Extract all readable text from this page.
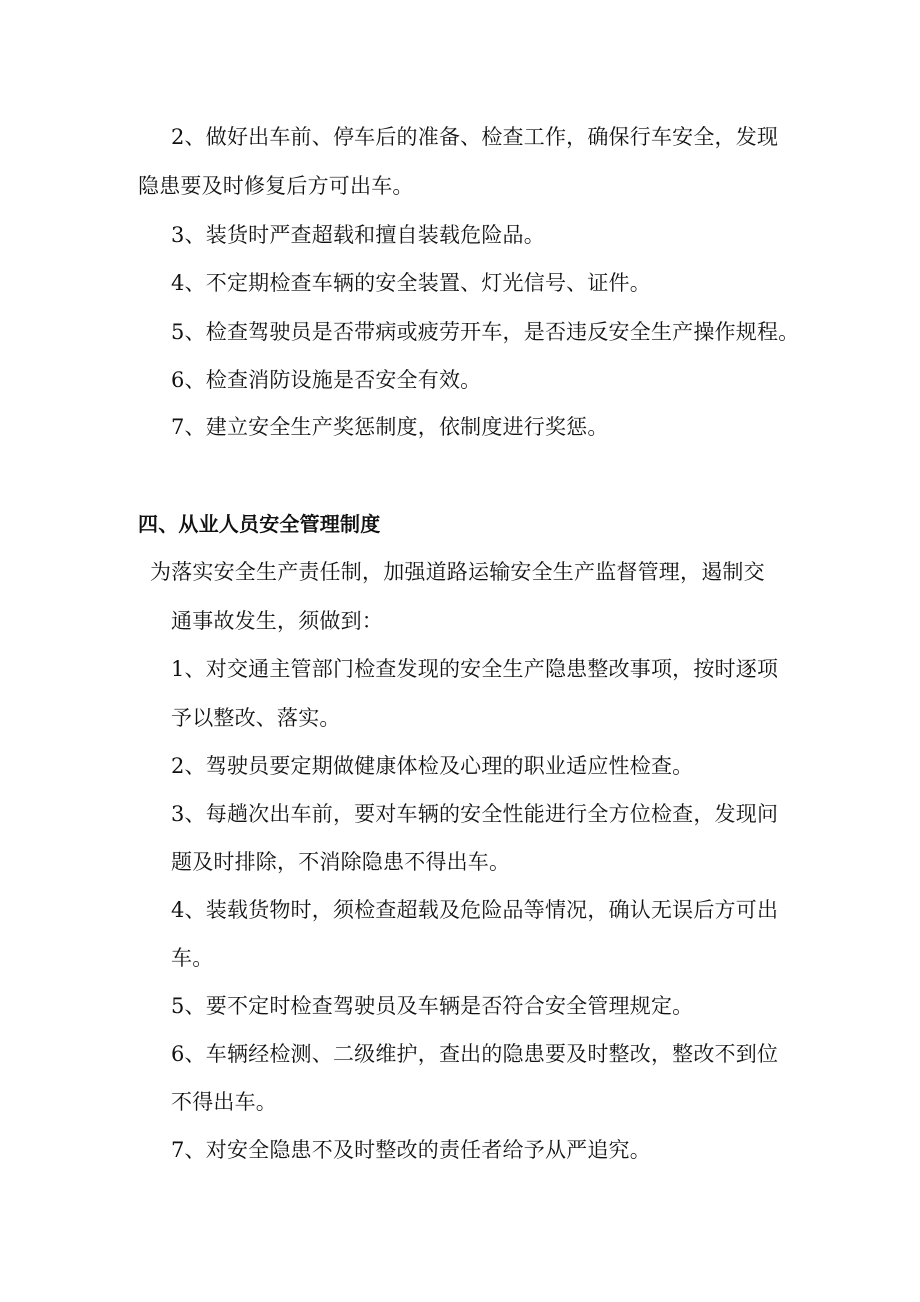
2、做好出车前、停车后的准备、检查工作，确保行车安全，发现
隐患要及时修复后方可出车。
3、装货时严查超载和擅自装载危险品。
4、不定期检查车辆的安全装置、灯光信号、证件。
5、检查驾驶员是否带病或疲劳开车，是否违反安全生产操作规程。
6、检查消防设施是否安全有效。
7、建立安全生产奖惩制度，依制度进行奖惩。
四、从业人员安全管理制度
为落实安全生产责任制，加强道路运输安全生产监督管理，遏制交
通事故发生，须做到：
1、对交通主管部门检查发现的安全生产隐患整改事项，按时逐项
予以整改、落实。
2、驾驶员要定期做健康体检及心理的职业适应性检查。
3、每趟次出车前，要对车辆的安全性能进行全方位检查，发现问
题及时排除，不消除隐患不得出车。
4、装载货物时，须检查超载及危险品等情况，确认无误后方可出
车。
5、要不定时检查驾驶员及车辆是否符合安全管理规定。
6、车辆经检测、二级维护，查出的隐患要及时整改，整改不到位
不得出车。
7、对安全隐患不及时整改的责任者给予从严追究。
